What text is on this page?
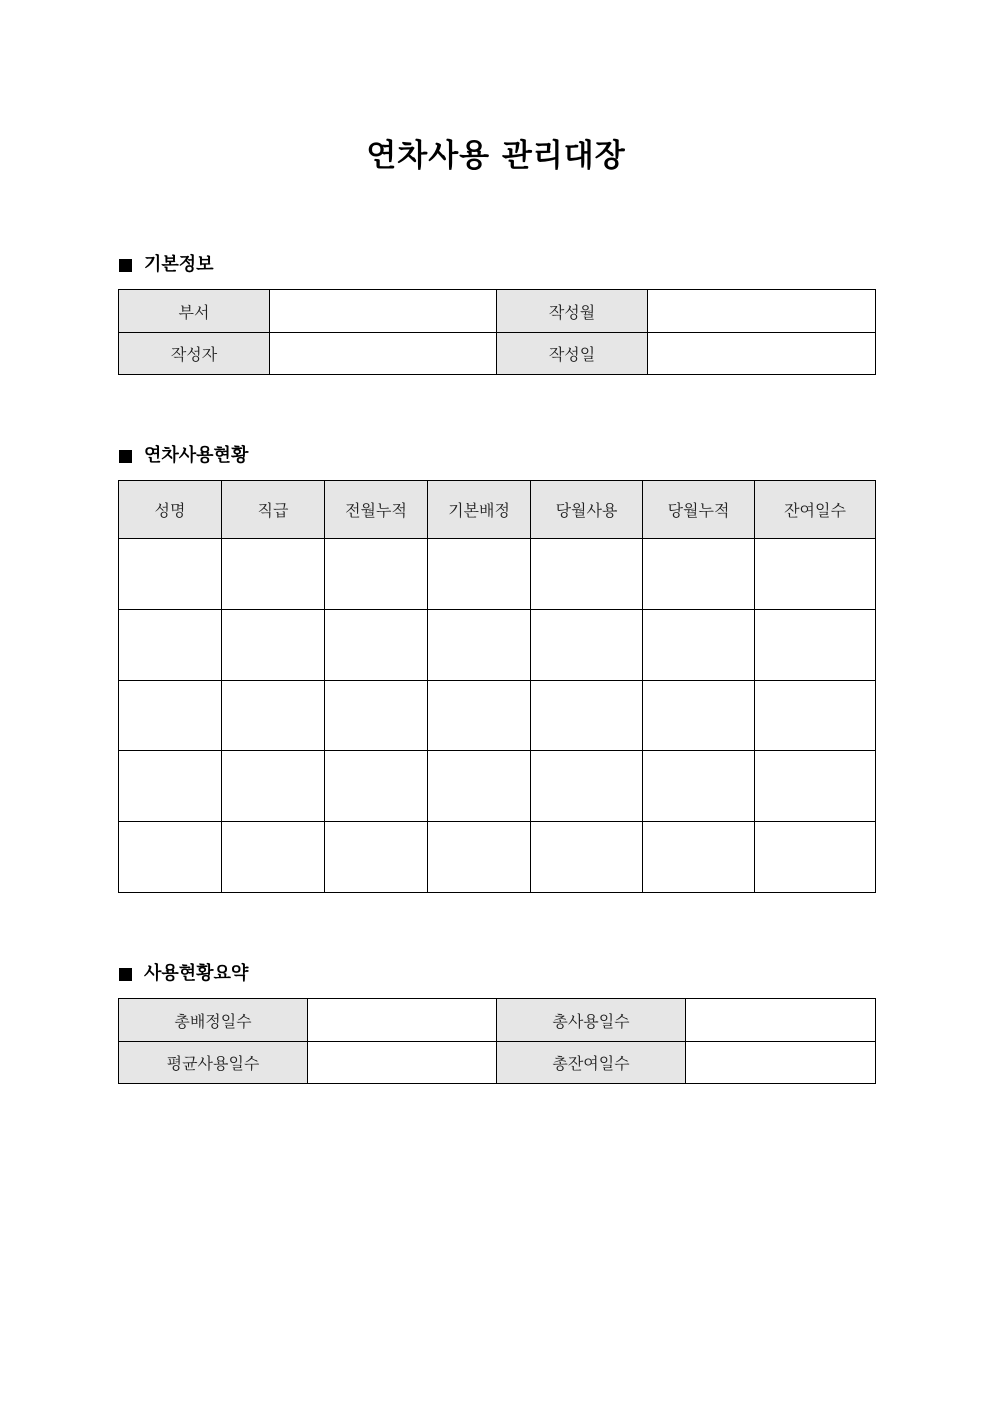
연차사용 관리대장
기본정보
부서		작성월	
작성자		작성일	
연차사용현황
성명	직급	전월누적	기본배정	당월사용	당월누적	잔여일수

사용현황요약
총배정일수		총사용일수	
평균사용일수		총잔여일수	
